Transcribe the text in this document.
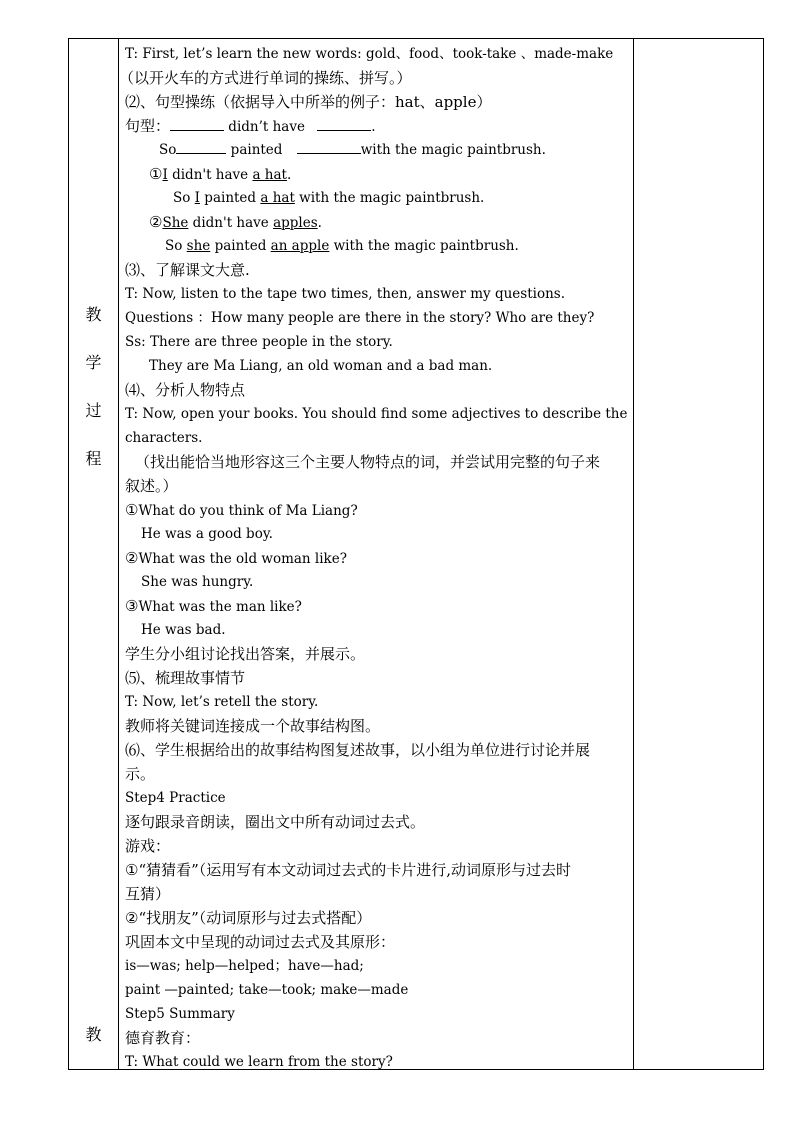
教
学
过
程
教
T: First, let’s learn the new words: gold、food、took-take 、made-make
（以开火车的方式进行单词的操练、拼写。）
⑵、句型操练（依据导入中所举的例子：hat、apple）
句型：	didn’t have	.
So	painted	with the magic paintbrush.
①I didn't have a hat.
So I painted a hat with the magic paintbrush.
②She didn't have apples.
So she painted an apple with the magic paintbrush.
⑶、了解课文大意.
T: Now, listen to the tape two times, then, answer my questions.
Questions ：How many people are there in the story? Who are they?
Ss: There are three people in the story.
They are Ma Liang, an old woman and a bad man.
⑷、分析人物特点
T: Now, open your books. You should find some adjectives to describe the
characters.
（找出能恰当地形容这三个主要人物特点的词，并尝试用完整的句子来
叙述。）
①What do you think of Ma Liang?
He was a good boy.
②What was the old woman like?
She was hungry.
③What was the man like?
He was bad.
学生分小组讨论找出答案，并展示。
⑸、梳理故事情节
T: Now, let’s retell the story.
教师将关键词连接成一个故事结构图。
⑹、学生根据给出的故事结构图复述故事，以小组为单位进行讨论并展
示。
Step4 Practice
逐句跟录音朗读，圈出文中所有动词过去式。
游戏：
①“猜猜看”（运用写有本文动词过去式的卡片进行,动词原形与过去时
互猜）
②“找朋友”（动词原形与过去式搭配）
巩固本文中呈现的动词过去式及其原形：
is—was; help—helped；have—had;
paint —painted; take—took; make—made
Step5 Summary
德育教育：
T: What could we learn from the story?
